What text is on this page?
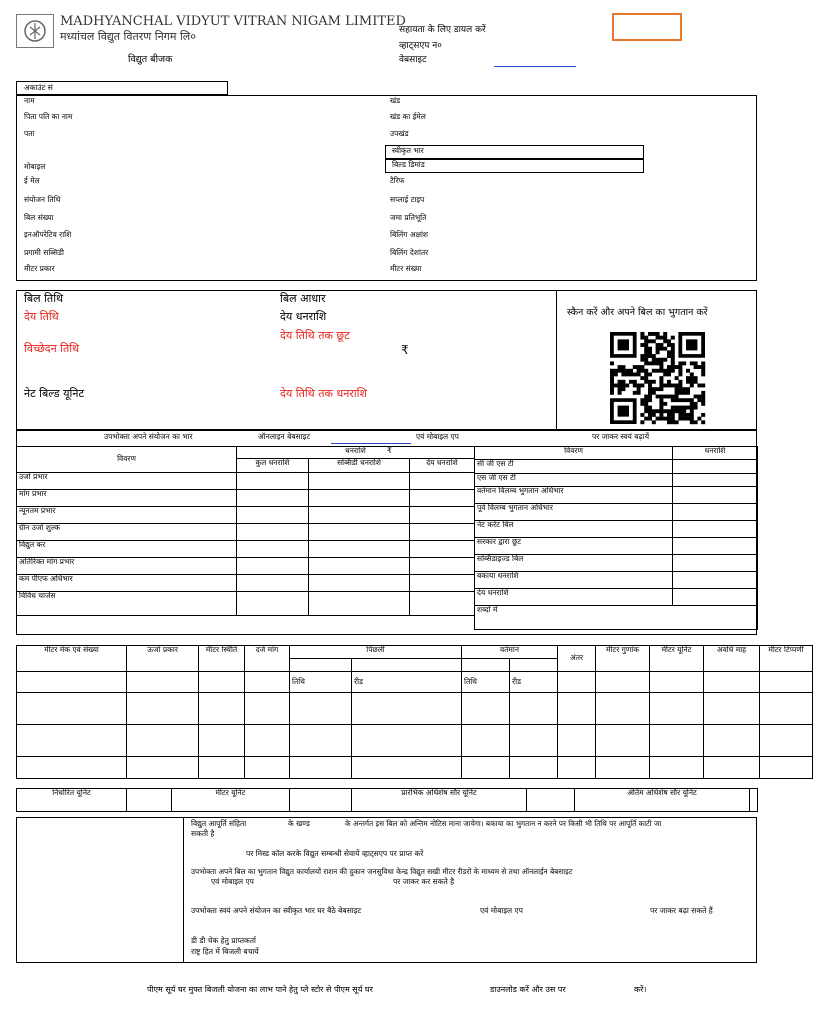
MADHYANCHAL VIDYUT VITRAN NIGAM LIMITED
मध्यांचल विद्युत वितरण निगम लि०
विद्युत बीजक
सहायता के लिए डायल करें
व्हाट्सएप न०
वेबसाइट
अकाउंट सं
नाम
पिता पति का नाम
पता
मोबाइल
ई मेल
संयोजन तिथि
बिल संख्या
इनऑपरेटिव राशि
प्रगामी सब्सिडी
मीटर प्रकार
खंड
खंड का ईमेल
उपखंड
स्वीकृत भार
बिल्ड डिमांड
टैरिफ
सप्लाई टाइप
जमा प्रतिभूति
बिलिंग अक्षांश
बिलिंग देशांतर
मीटर संख्या
बिल तिथि
देय तिथि
विच्छेदन तिथि
नेट बिल्ड यूनिट
बिल आधार
देय धनराशि
देय तिथि तक छूट
₹
देय तिथि तक धनराशि
स्कैन करें और अपने बिल का भुगतान करें
उपभोक्ता अपने संयोजन का भार	ऑनलाइन बेबसाइट	एवं मोबाइल एप	पर जाकर स्वयं बढ़ायें
विवरण	धनराशि ₹		

	कुल धनराशि	सब्सिडी धनराशि	देय धनराशि
उर्जा प्रभार			
मांग प्रभार			
न्यूनतम प्रभार			
ग्रीन उर्जा शुल्क			
विद्युत कर			
अतिरिक्त मांग प्रभार			
कम पीएफ अधिभार			
विविध चार्जेस			
विवरण	धनराशि
सी जी एस टी	
एस जी एस टी	
वर्तमान विलम्ब भुगतान अधिभार	
पूर्व विलम्ब भुगतान अधिभार	
नेट करेंट बिल	
सरकार द्वारा छूट	
सब्सिडाइज्ड बिल	
बकाया धनराशि	
देय धनराशि	
शब्दों में	
मीटर मेक एवं संख्या	ऊर्जा प्रकार	मीटर स्थिति	दर्ज मांग	पिछली		वर्तमान		अंतर	मीटर गुणांक	मीटर यूनिट	अवधि माह	मीटर टिप्पणी

				तिथि	रीड	तिथि	रीड					

निर्धारित यूनिट		मीटर यूनिट		प्रारंभिक अधिशेष सौर यूनिट		अंतिम अधिशेष सौर यूनिट	
विद्युत आपूर्ति संहिता	के खण्ड	के अन्तर्गत इस बिल को अन्तिम नोटिस माना जायेगा। बकाया का भुगतान न करने पर किसी भी तिथि पर आपूर्ति काटी जा
सकती है
पर मिस्ड कॉल करके विद्युत सम्बन्धी सेवायें व्हाट्सएप पर प्राप्त करें
उपभोक्ता अपने बिल का भुगतान विद्युत कार्यालयों राशन की दुकान जनसुविधा केन्द्र विद्युत सखी मीटर रीडरों के माध्यम से तथा ऑनलाईन बेबसाइट
एवं मोबाइल एप	पर जाकर कर सकते है
उपभोक्ता स्वयं अपने संयोजन का स्वीकृत भार घर बैठे बेबसाइट	एवं मोबाइल एप	पर जाकर बढ़ा सकते हैं
डी डी चेक हेतु प्राप्तकर्ता
राष्ट्र हित में बिजली बचायें
पीएम सूर्य घर मुफ्त बिजली योजना का लाभ पाने हेतु प्ले स्टोर से पीएम सूर्य घर	डाउनलोड करें और उस पर	करें।
